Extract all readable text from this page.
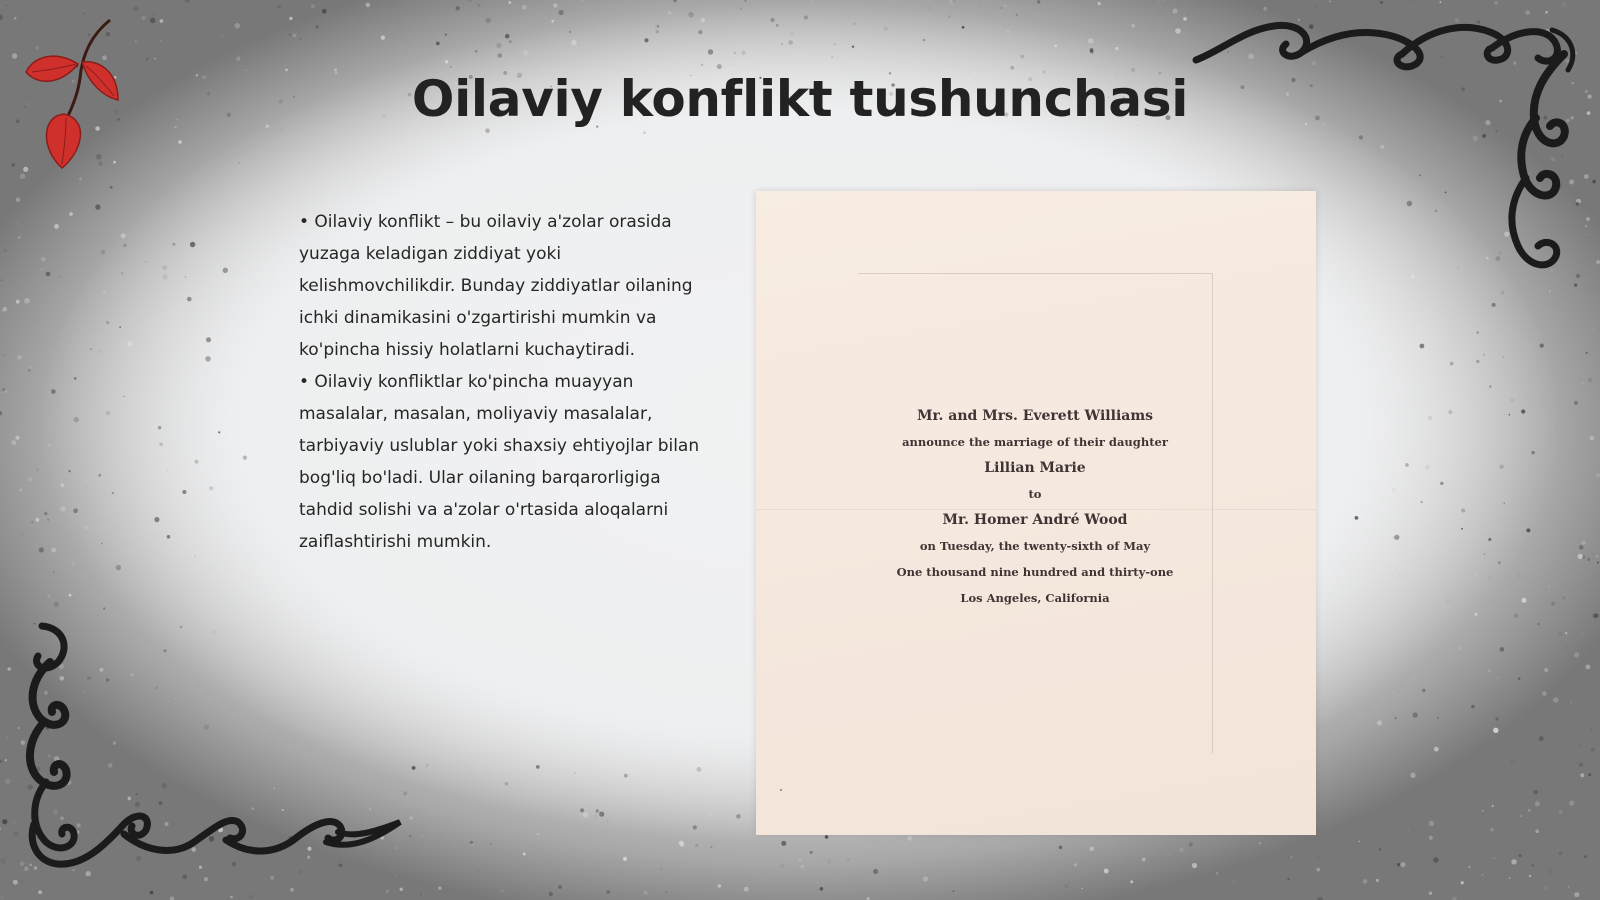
Oilaviy konflikt tushunchasi

• Oilaviy konflikt – bu oilaviy a'zolar orasida yuzaga keladigan ziddiyat yoki kelishmovchilikdir. Bunday ziddiyatlar oilaning ichki dinamikasini o'zgartirishi mumkin va ko'pincha hissiy holatlarni kuchaytiradi.

• Oilaviy konfliktlar ko'pincha muayyan masalalar, masalan, moliyaviy masalalar, tarbiyaviy uslublar yoki shaxsiy ehtiyojlar bilan bog'liq bo'ladi. Ular oilaning barqarorligiga tahdid solishi va a'zolar o'rtasida aloqalarni zaiflashtirishi mumkin.

Mr. and Mrs. Everett Williams
announce the marriage of their daughter
Lillian Marie
to
Mr. Homer André Wood
on Tuesday, the twenty-sixth of May
One thousand nine hundred and thirty-one
Los Angeles, California
